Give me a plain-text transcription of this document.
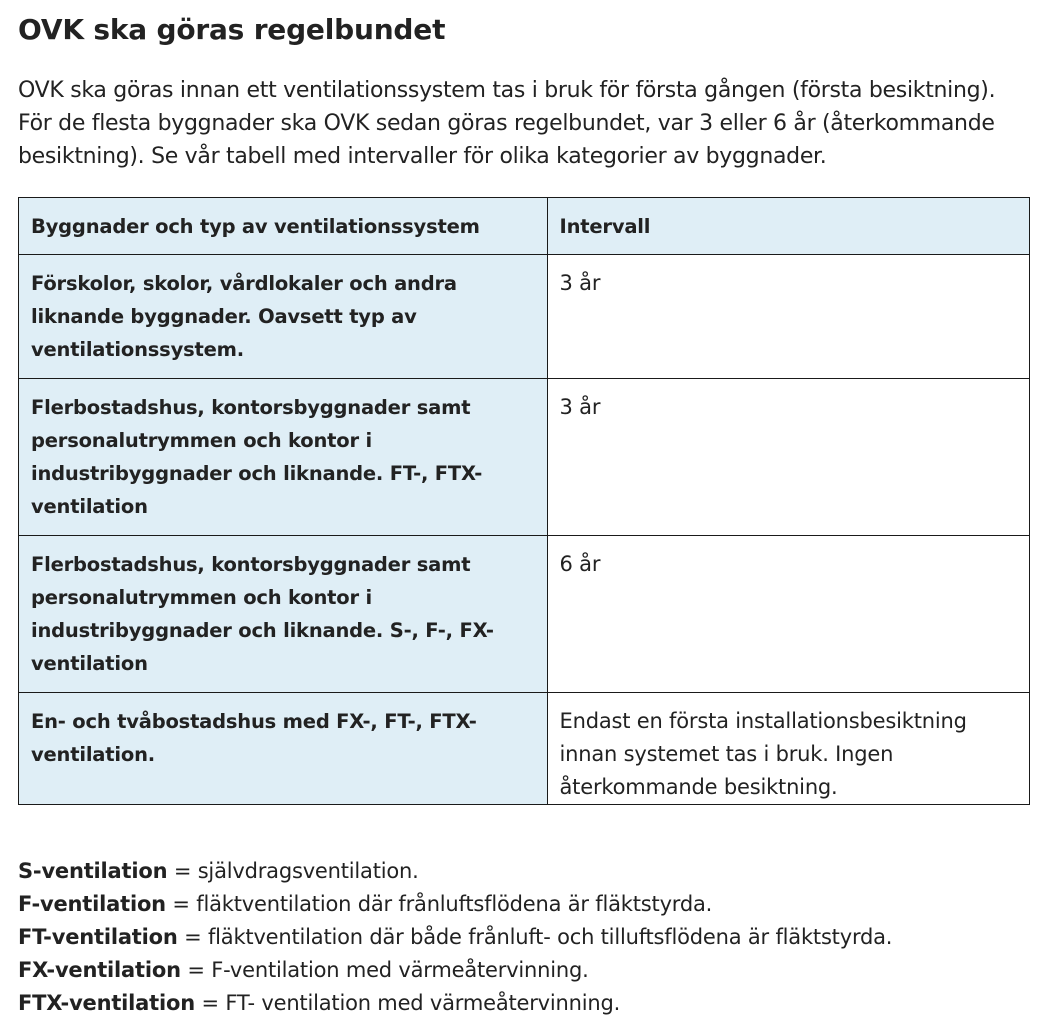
OVK ska göras regelbundet

OVK ska göras innan ett ventilationssystem tas i bruk för första gången (första besiktning). För de flesta byggnader ska OVK sedan göras regelbundet, var 3 eller 6 år (återkommande besiktning). Se vår tabell med intervaller för olika kategorier av byggnader.

Byggnader och typ av ventilationssystem	Intervall
Förskolor, skolor, vårdlokaler och andra liknande byggnader. Oavsett typ av ventilationssystem.	3 år
Flerbostadshus, kontorsbyggnader samt personalutrymmen och kontor i industribyggnader och liknande. FT-, FTX-ventilation	3 år
Flerbostadshus, kontorsbyggnader samt personalutrymmen och kontor i industribyggnader och liknande. S-, F-, FX-ventilation	6 år
En- och tvåbostadshus med FX-, FT-, FTX-ventilation.	Endast en första installationsbesiktning innan systemet tas i bruk. Ingen återkommande besiktning.
S-ventilation = självdragsventilation.
F-ventilation = fläktventilation där frånluftsflödena är fläktstyrda.
FT-ventilation = fläktventilation där både frånluft- och tilluftsflödena är fläktstyrda.
FX-ventilation = F-ventilation med värmeåtervinning.
FTX-ventilation = FT- ventilation med värmeåtervinning.
